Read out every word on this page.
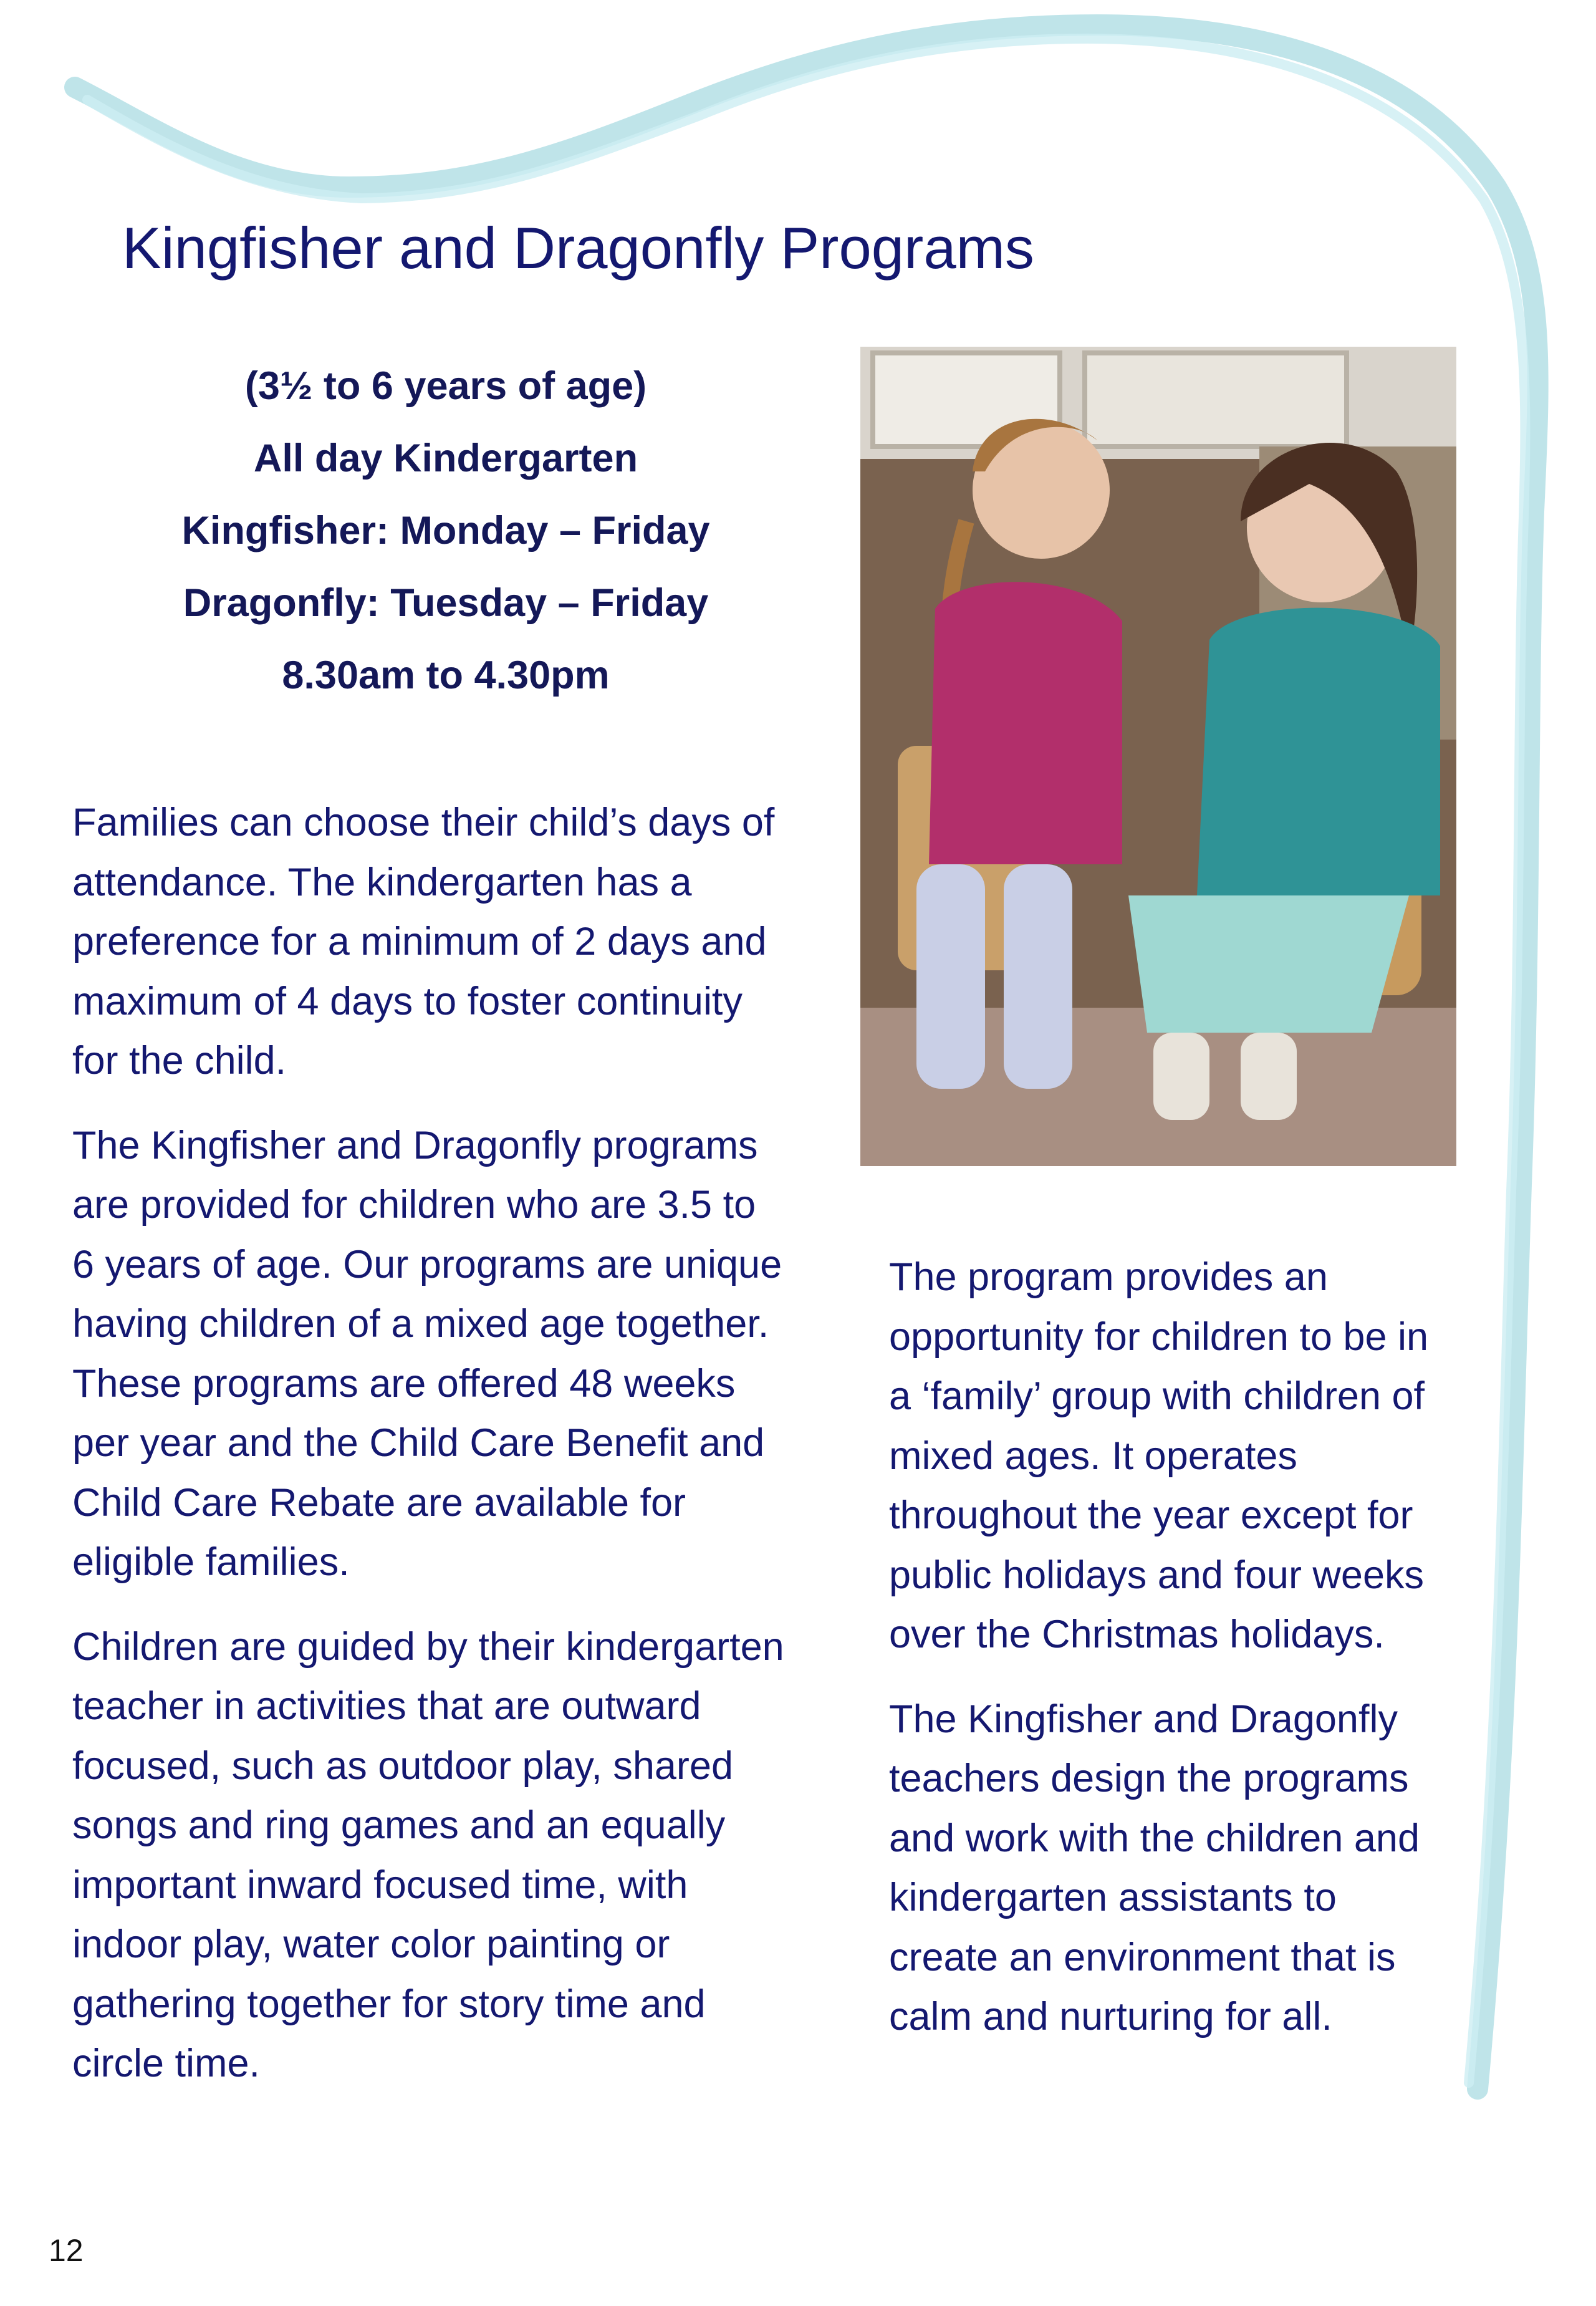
Kingfisher and Dragonfly Programs
(3½ to 6 years of age)
All day Kindergarten
Kingfisher: Monday – Friday
Dragonfly: Tuesday – Friday
8.30am to 4.30pm

Families can choose their child’s days of
attendance. The kindergarten has a
preference for a minimum of 2 days and
maximum of 4 days to foster continuity
for the child.

The Kingfisher and Dragonfly programs
are provided for children who are 3.5 to
6 years of age. Our programs are unique
having children of a mixed age together.
These programs are offered 48 weeks
per year and the Child Care Benefit and
Child Care Rebate are available for
eligible families.

Children are guided by their kindergarten
teacher in activities that are outward
focused, such as outdoor play, shared
songs and ring games and an equally
important inward focused time, with
indoor play, water color painting or
gathering together for story time and
circle time.

The program provides an
opportunity for children to be in
a ‘family’ group with children of
mixed ages. It operates
throughout the year except for
public holidays and four weeks
over the Christmas holidays.

The Kingfisher and Dragonfly
teachers design the programs
and work with the children and
kindergarten assistants to
create an environment that is
calm and nurturing for all.

12
